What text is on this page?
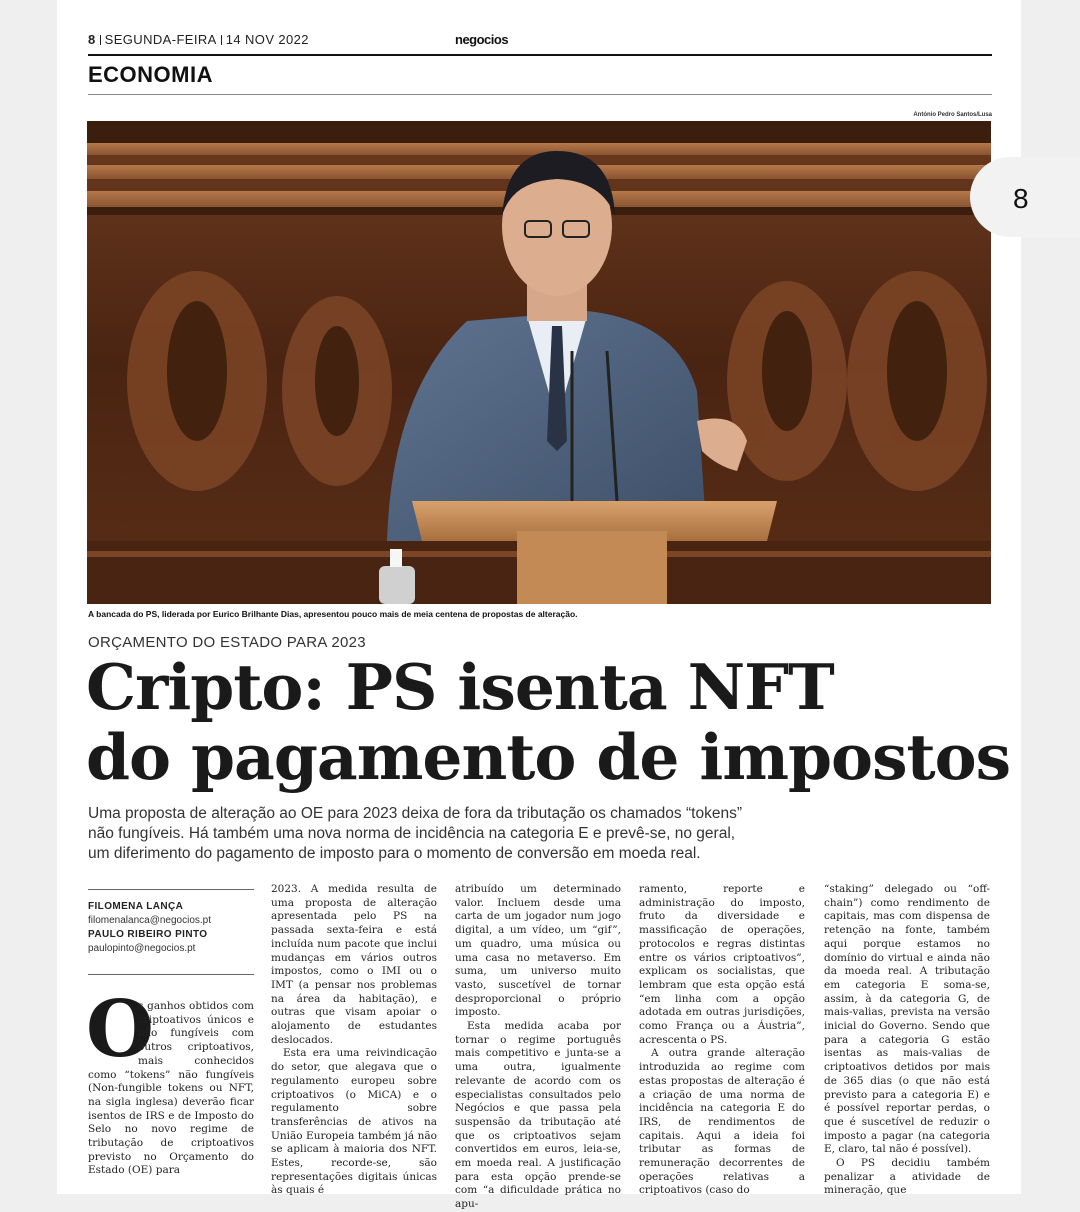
8 SEGUNDA-FEIRA 14 NOV 2022	negocios
ECONOMIA
António Pedro Santos/Lusa
A bancada do PS, liderada por Eurico Brilhante Dias, apresentou pouco mais de meia centena de propostas de alteração.
ORÇAMENTO DO ESTADO PARA 2023
Cripto: PS isenta NFT
do pagamento de impostos
Uma proposta de alteração ao OE para 2023 deixa de fora da tributação os chamados “tokens”
não fungíveis. Há também uma nova norma de incidência na categoria E e prevê-se, no geral,
um diferimento do pagamento de imposto para o momento de conversão em moeda real.
FILOMENA LANÇA
filomenalanca@negocios.pt
PAULO RIBEIRO PINTO
paulopinto@negocios.pt
O

s ganhos obtidos com criptoativos únicos e não fungíveis com outros criptoativos, mais conhecidos como “tokens” não fungíveis (Non-fungible tokens ou NFT, na sigla inglesa) deverão ficar isentos de IRS e de Imposto do Selo no novo regime de tributação de criptoativos previsto no Orçamento do Estado (OE) para

2023. A medida resulta de uma proposta de alteração apresentada pelo PS na passada sexta-feira e está incluída num pacote que inclui mudanças em vários outros impostos, como o IMI ou o IMT (a pensar nos problemas na área da habitação), e outras que visam apoiar o alojamento de estudantes deslocados.

Esta era uma reivindicação do setor, que alegava que o regulamento europeu sobre criptoativos (o MiCA) e o regulamento sobre transferências de ativos na União Europeia também já não se aplicam à maioria dos NFT. Estes, recorde-se, são representações digitais únicas às quais é

atribuído um determinado valor. Incluem desde uma carta de um jogador num jogo digital, a um vídeo, um “gif”, um quadro, uma música ou uma casa no metaverso. Em suma, um universo muito vasto, suscetível de tornar desproporcional o próprio imposto.

Esta medida acaba por tornar o regime português mais competitivo e junta-se a uma outra, igualmente relevante de acordo com os especialistas consultados pelo Negócios e que passa pela suspensão da tributação até que os criptoativos sejam convertidos em euros, leia-se, em moeda real. A justificação para esta opção prende-se com “a dificuldade prática no apu-

ramento, reporte e administração do imposto, fruto da diversidade e massificação de operações, protocolos e regras distintas entre os vários criptoativos”, explicam os socialistas, que lembram que esta opção está “em linha com a opção adotada em outras jurisdições, como França ou a Áustria”, acrescenta o PS.

A outra grande alteração introduzida ao regime com estas propostas de alteração é a criação de uma norma de incidência na categoria E do IRS, de rendimentos de capitais. Aqui a ideia foi tributar as formas de remuneração decorrentes de operações relativas a criptoativos (caso do

“staking” delegado ou “off-chain”) como rendimento de capitais, mas com dispensa de retenção na fonte, também aqui porque estamos no domínio do virtual e ainda não da moeda real. A tributação em categoria E soma-se, assim, à da categoria G, de mais-valias, prevista na versão inicial do Governo. Sendo que para a categoria G estão isentas as mais-valias de criptoativos detidos por mais de 365 dias (o que não está previsto para a categoria E) e é possível reportar perdas, o que é suscetível de reduzir o imposto a pagar (na categoria E, claro, tal não é possível).

O PS decidiu também penalizar a atividade de mineração, que

8
